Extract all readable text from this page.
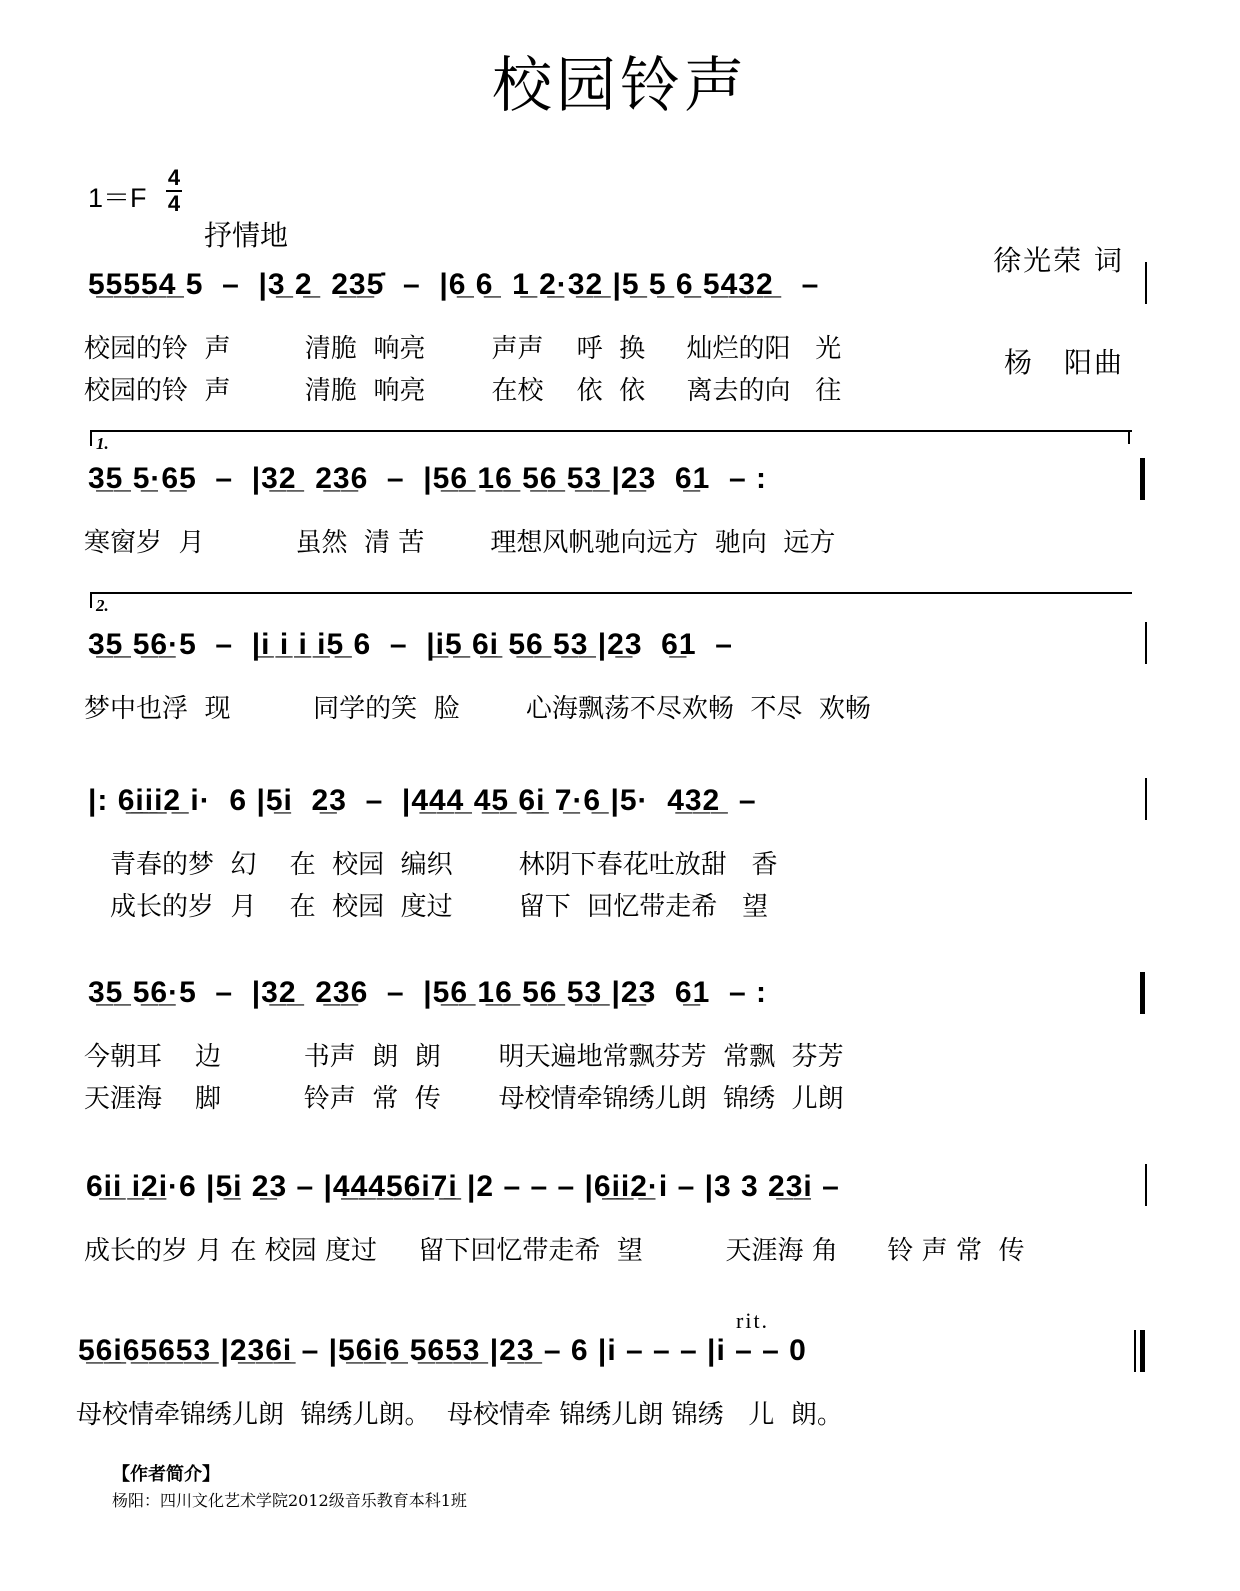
校园铃声
1＝F
4
4
抒情地

徐光荣 词

杨　阳曲

5̲5̲5̲5̲4̲ 5  –  |3̲ 2̲  2̲3̲5̇  –  |6̲ 6̲  1̲ 2̲·3̲2̲ |5̲ 5̲ 6̲ 5̲4̲3̲2̲   –
校园的铃  声         清脆  响亮        声声    呼  换     灿烂的阳   光
校园的铃  声         清脆  响亮        在校    依  依     离去的向   往
1.
3̲5̲ 5̲·6̲5  –  |3̲2̲  2̲3̲6  –  |5̲6̲ 1̲6̲ 5̲6̲ 5̲3̲ |2̲3  6̲1  – :
寒窗岁  月           虽然  清 苦        理想风帆驰向远方  驰向  远方
2.
3̲5̲ 5̲6̲·5  –  |i̲ i̲ i̲ i̲5̲ 6  –  |i̲5̲ 6̲i̲ 5̲6̲ 5̲3̲ |2̲3  6̲1  –
梦中也浮  现          同学的笑  脸        心海飘荡不尽欢畅  不尽  欢畅
|: 6̲i̲i̲i̲2̲ i·  6 |5̲i  2̲3  –  |4̲4̲4̲ 4̲5̲ 6̲i̲ 7̲·6̲ |5·  4̲3̲2̲  –
青春的梦  幻    在  校园  编织        林阴下春花吐放甜   香
成长的岁  月    在  校园  度过        留下  回忆带走希   望
3̲5̲ 5̲6̲·5  –  |3̲2̲  2̲3̲6  –  |5̲6̲ 1̲6̲ 5̲6̲ 5̲3̲ |2̲3  6̲1  – :
今朝耳    边          书声  朗  朗       明天遍地常飘芬芳  常飘  芬芳
天涯海    脚          铃声  常  传       母校情牵锦绣儿朗  锦绣  儿朗
6i̲i̲ i̲2̲i·6 |5̲i 2̲3 – |4̲4̲4̲5̲6̲i̲7̲i̲ |2 – – – |6̲i̲i̲2̲·i – |3 3 2̲3̲i –
成长的岁 月 在 校园 度过     留下回忆带走希  望          天涯海 角      铃 声 常  传
rit.
5̲6̲i̲6̲5̲6̲5̲3̲ |2̲3̲6̲i̲ – |5̲6̲i̲6̲ 5̲6̲5̲3̲ |2̲3̲ – 6 |i – – – |i – – 0
母校情牵锦绣儿朗  锦绣儿朗。  母校情牵 锦绣儿朗 锦绣   儿  朗。
【作者简介】
杨阳：四川文化艺术学院2012级音乐教育本科1班
